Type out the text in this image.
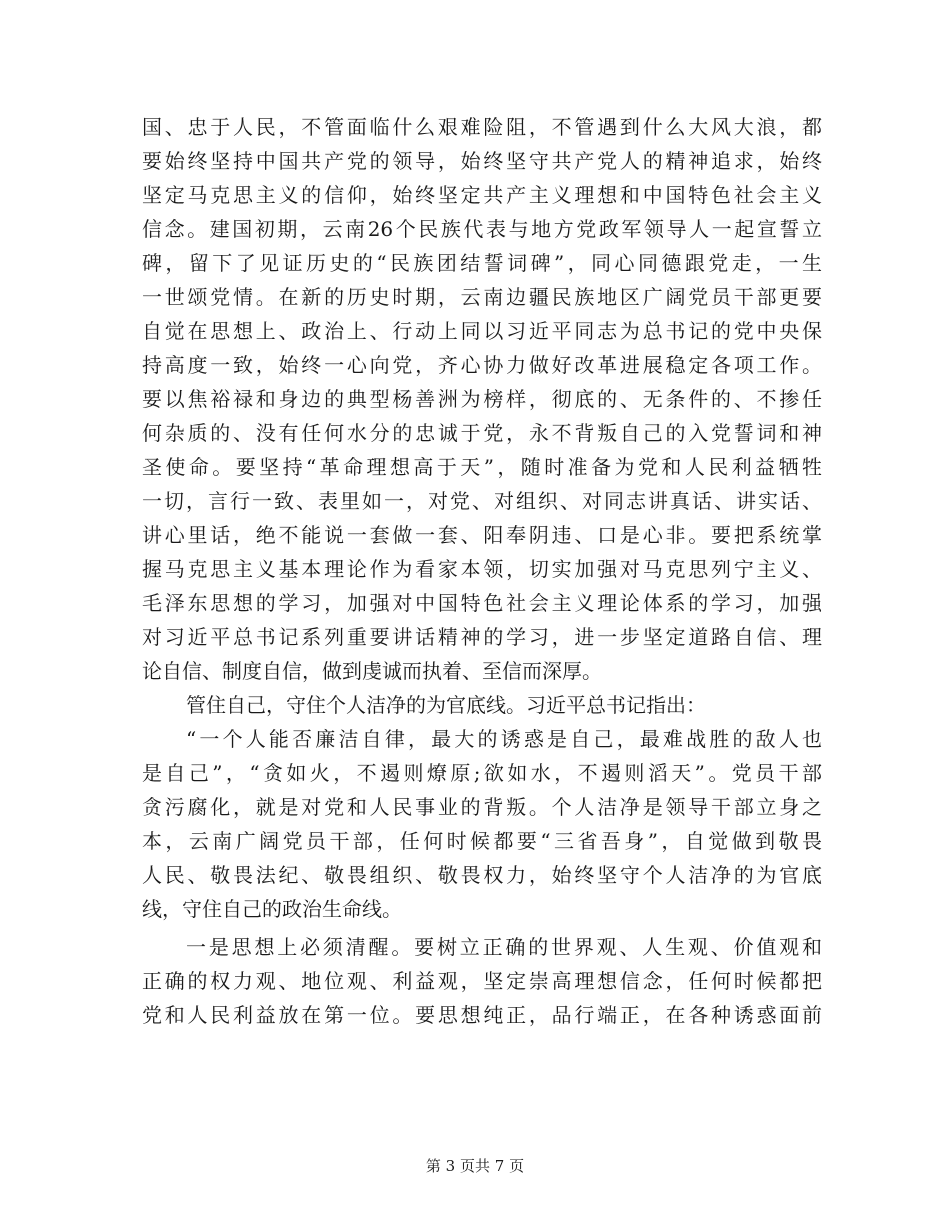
国、忠于人民，不管面临什么艰难险阻，不管遇到什么大风大浪，都
要始终坚持中国共产党的领导，始终坚守共产党人的精神追求，始终
坚定马克思主义的信仰，始终坚定共产主义理想和中国特色社会主义
信念。建国初期，云南26个民族代表与地方党政军领导人一起宣誓立
碑，留下了见证历史的“民族团结誓词碑”，同心同德跟党走，一生
一世颂党情。在新的历史时期，云南边疆民族地区广阔党员干部更要
自觉在思想上、政治上、行动上同以习近平同志为总书记的党中央保
持高度一致，始终一心向党，齐心协力做好改革进展稳定各项工作。
要以焦裕禄和身边的典型杨善洲为榜样，彻底的、无条件的、不掺任
何杂质的、没有任何水分的忠诚于党，永不背叛自己的入党誓词和神
圣使命。要坚持“革命理想高于天”，随时准备为党和人民利益牺牲
一切，言行一致、表里如一，对党、对组织、对同志讲真话、讲实话、
讲心里话，绝不能说一套做一套、阳奉阴违、口是心非。要把系统掌
握马克思主义基本理论作为看家本领，切实加强对马克思列宁主义、
毛泽东思想的学习，加强对中国特色社会主义理论体系的学习，加强
对习近平总书记系列重要讲话精神的学习，进一步坚定道路自信、理
论自信、制度自信，做到虔诚而执着、至信而深厚。
管住自己，守住个人洁净的为官底线。习近平总书记指出：
“一个人能否廉洁自律，最大的诱惑是自己，最难战胜的敌人也
是自己”，“贪如火，不遏则燎原;欲如水，不遏则滔天”。党员干部
贪污腐化，就是对党和人民事业的背叛。个人洁净是领导干部立身之
本，云南广阔党员干部，任何时候都要“三省吾身”，自觉做到敬畏
人民、敬畏法纪、敬畏组织、敬畏权力，始终坚守个人洁净的为官底
线，守住自己的政治生命线。
一是思想上必须清醒。要树立正确的世界观、人生观、价值观和
正确的权力观、地位观、利益观，坚定崇高理想信念，任何时候都把
党和人民利益放在第一位。要思想纯正，品行端正，在各种诱惑面前
第 3 页共 7 页
